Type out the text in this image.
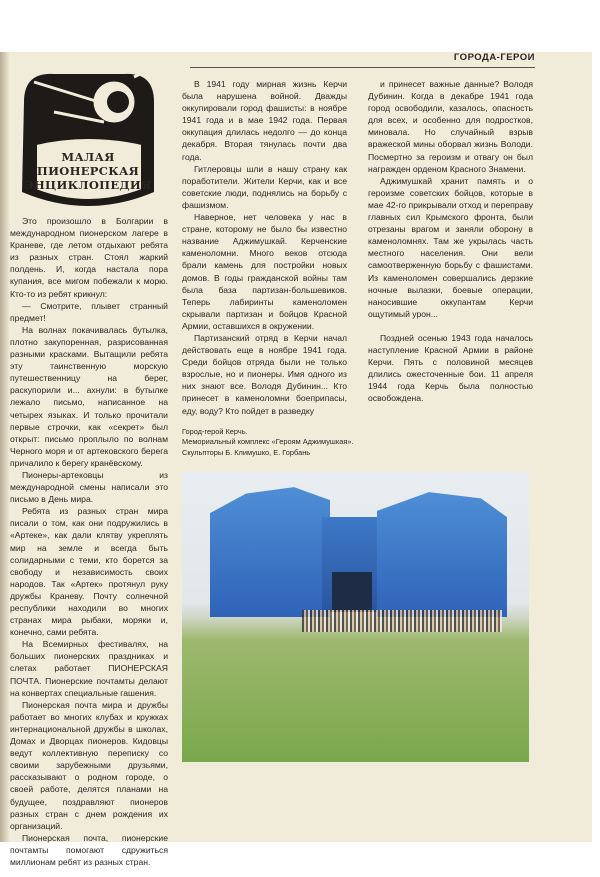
ГОРОДА-ГЕРОИ
МАЛАЯ
ПИОНЕРСКАЯ
ЭНЦИКЛОПЕДИЯ

Это произошло в Болгарии в международном пионерском лагере в Краневе, где летом отдыхают ребята из разных стран. Стоял жаркий полдень. И, когда настала пора купания, все мигом побежали к морю. Кто-то из ребят крикнул:

— Смотрите, плывет странный предмет!

На волнах покачивалась бутылка, плотно закупоренная, разрисованная разными красками. Вытащили ребята эту таинственную морскую путешественницу на берег, раскупорили и... ахнули: в бутылке лежало письмо, написанное на четырех языках. И только прочитали первые строчки, как «секрет» был открыт: письмо проплыло по волнам Черного моря и от артековского берега причалило к берегу кранёвскому.

Пионеры-артековцы из международной смены написали это письмо в День мира.

Ребята из разных стран мира писали о том, как они подружились в «Артеке», как дали клятву укреплять мир на земле и всегда быть солидарными с теми, кто борется за свободу и независимость своих народов. Так «Артек» протянул руку дружбы Краневу. Почту солнечной республики находили во многих странах мира рыбаки, моряки и, конечно, сами ребята.

На Всемирных фестивалях, на больших пионерских праздниках и слетах работает ПИОНЕРСКАЯ ПОЧТА. Пионерские почтамты делают на конвертах специальные гашения.

Пионерская почта мира и дружбы работает во многих клубах и кружках интернациональной дружбы в школах, Домах и Дворцах пионеров. Кидовцы ведут коллективную переписку со своими зарубежными друзьями, рассказывают о родном городе, о своей работе, делятся планами на будущее, поздравляют пионеров разных стран с днем рождения их организаций.

Пионерская почта, пионерские почтамты помогают сдружиться миллионам ребят из разных стран.

В 1941 году мирная жизнь Керчи была нарушена войной. Дважды оккупировали город фашисты: в ноябре 1941 года и в мае 1942 года. Первая оккупация длилась недолго — до конца декабря. Вторая тянулась почти два года.

Гитлеровцы шли в нашу страну как поработители. Жители Керчи, как и все советские люди, поднялись на борьбу с фашизмом.

Наверное, нет человека у нас в стране, которому не было бы известно название Аджимушкай. Керченские каменоломни. Много веков отсюда брали камень для постройки новых домов. В годы гражданской войны там была база партизан-большевиков. Теперь лабиринты каменоломен скрывали партизан и бойцов Красной Армии, оставшихся в окружении.

Партизанский отряд в Керчи начал действовать еще в ноябре 1941 года. Среди бойцов отряда были не только взрослые, но и пионеры. Имя одного из них знают все. Володя Дубинин... Кто принесет в каменоломни боеприпасы, еду, воду? Кто пойдет в разведку

и принесет важные данные? Володя Дубинин. Когда в декабре 1941 года город освободили, казалось, опасность для всех, и особенно для подростков, миновала. Но случайный взрыв вражеской мины оборвал жизнь Володи. Посмертно за героизм и отвагу он был награжден орденом Красного Знамени.

Аджимушкай хранит память и о героизме советских бойцов, которые в мае 42-го прикрывали отход и переправу главных сил Крымского фронта, были отрезаны врагом и заняли оборону в каменоломнях. Там же укрылась часть местного населения. Они вели самоотверженную борьбу с фашистами. Из каменоломен совершались дерзкие ночные вылазки, боевые операции, наносившие оккупантам Керчи ощутимый урон...

Поздней осенью 1943 года началось наступление Красной Армии в районе Керчи. Пять с половиной месяцев длились ожесточенные бои. 11 апреля 1944 года Керчь была полностью освобождена.

Город-герой Керчь.
Мемориальный комплекс «Героям Аджимушкая».
Скульпторы Б. Климушко, Е. Горбань
